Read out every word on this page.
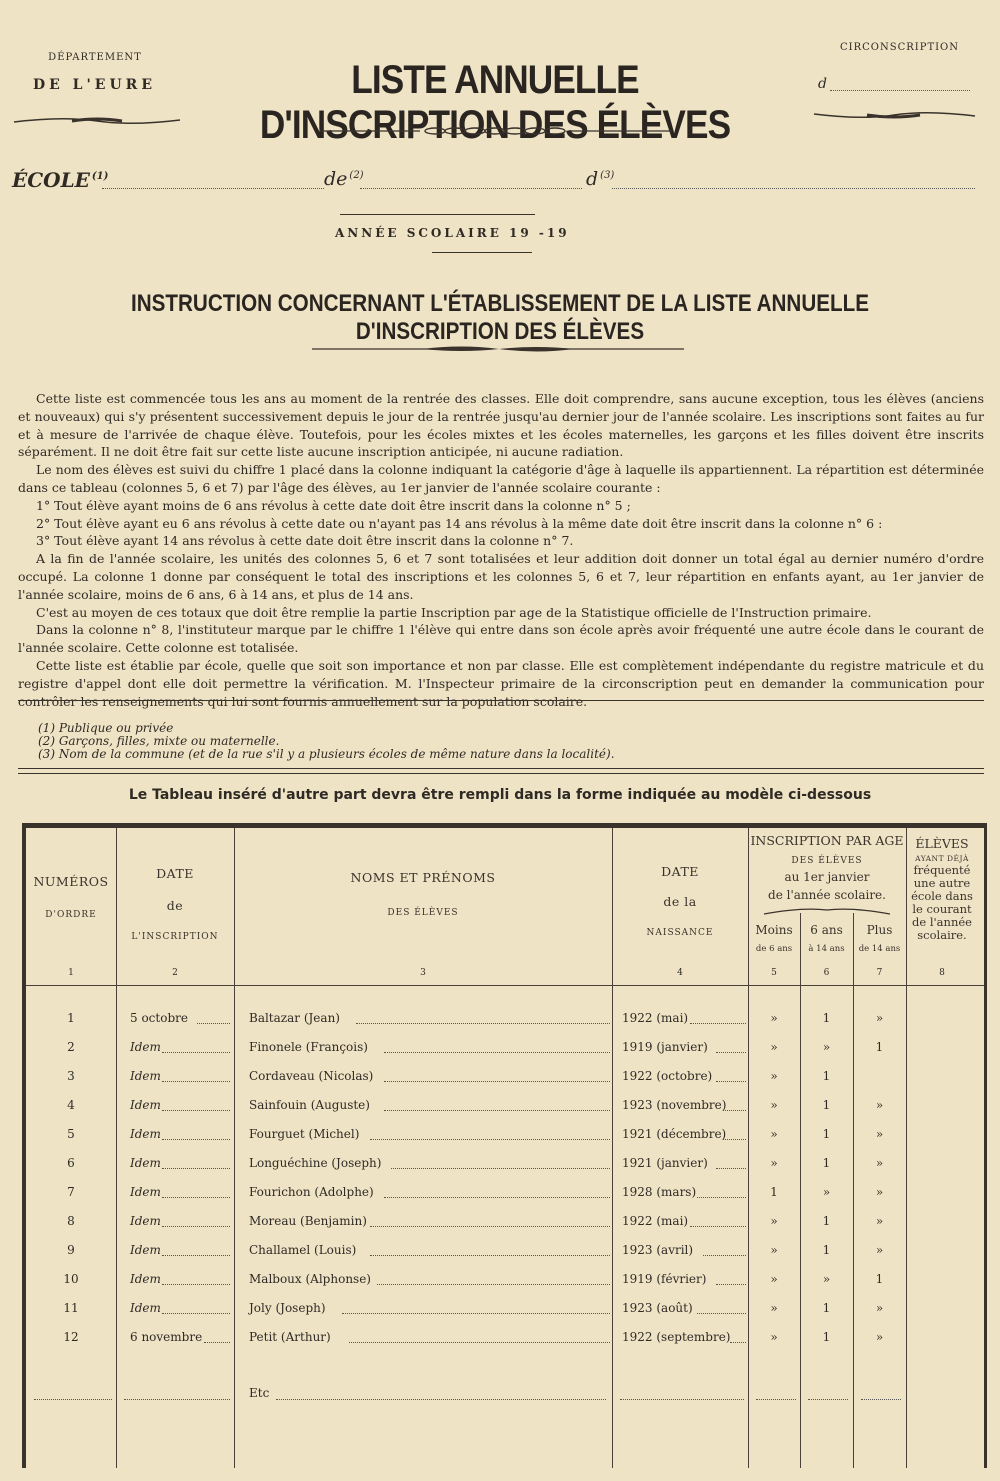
DÉPARTEMENT
DE L'EURE	LISTE ANNUELLE D'INSCRIPTION DES ÉLÈVES
CIRCONSCRIPTION
d
ÉCOLE $^{(1)}$	de $^{(2)}$	d $^{(3)}$
ANNÉE SCOLAIRE 19 -19
INSTRUCTION CONCERNANT L'ÉTABLISSEMENT DE LA LISTE ANNUELLE D'INSCRIPTION DES ÉLÈVES

Cette liste est commencée tous les ans au moment de la rentrée des classes. Elle doit comprendre, sans aucune exception, tous les élèves (anciens et nouveaux) qui s'y présentent successivement depuis le jour de la rentrée jusqu'au dernier jour de l'année scolaire. Les inscriptions sont faites au fur et à mesure de l'arrivée de chaque élève. Toutefois, pour les écoles mixtes et les écoles maternelles, les garçons et les filles doivent être inscrits séparément. Il ne doit être fait sur cette liste aucune inscription anticipée, ni aucune radiation.

Le nom des élèves est suivi du chiffre 1 placé dans la colonne indiquant la catégorie d'âge à laquelle ils appartiennent. La répartition est déterminée dans ce tableau (colonnes 5, 6 et 7) par l'âge des élèves, au 1er janvier de l'année scolaire courante :

1° Tout élève ayant moins de 6 ans révolus à cette date doit être inscrit dans la colonne n° 5 ;

2° Tout élève ayant eu 6 ans révolus à cette date ou n'ayant pas 14 ans révolus à la même date doit être inscrit dans la colonne n° 6 :

3° Tout élève ayant 14 ans révolus à cette date doit être inscrit dans la colonne n° 7.

A la fin de l'année scolaire, les unités des colonnes 5, 6 et 7 sont totalisées et leur addition doit donner un total égal au dernier numéro d'ordre occupé. La colonne 1 donne par conséquent le total des inscriptions et les colonnes 5, 6 et 7, leur répartition en enfants ayant, au 1er janvier de l'année scolaire, moins de 6 ans, 6 à 14 ans, et plus de 14 ans.

C'est au moyen de ces totaux que doit être remplie la partie Inscription par age de la Statistique officielle de l'Instruction primaire.

Dans la colonne n° 8, l'instituteur marque par le chiffre 1 l'élève qui entre dans son école après avoir fréquenté une autre école dans le courant de l'année scolaire. Cette colonne est totalisée.

Cette liste est établie par école, quelle que soit son importance et non par classe. Elle est complètement indépendante du registre matricule et du registre d'appel dont elle doit permettre la vérification. M. l'Inspecteur primaire de la circonscription peut en demander la communication pour contrôler les renseignements qui lui sont fournis annuellement sur la population scolaire.

(1) Publique ou privée
(2) Garçons, filles, mixte ou maternelle.
(3) Nom de la commune (et de la rue s'il y a plusieurs écoles de même nature dans la localité).
Le Tableau inséré d'autre part devra être rempli dans la forme indiquée au modèle ci-dessous
NUMÉROS
D'ORDRE
DATE
de
L'INSCRIPTION
NOMS ET PRÉNOMS
DES ÉLÈVES
DATE
de la
NAISSANCE
INSCRIPTION PAR AGE
DES ÉLÈVES
au 1er janvier
de l'année scolaire.
Moins
de 6 ans
6 ans
à 14 ans
Plus
de 14 ans
ÉLÈVES
AYANT DÉJÀ
fréquenté une autre école dans le courant de l'année scolaire.
1	2	3	4	5	6	7	8
1	5 octobre	Baltazar (Jean)	1922 (mai)	»	1	»
2	Idem	Finonele (François)	1919 (janvier)	»	»	1
3	Idem	Cordaveau (Nicolas)	1922 (octobre)	»	1
4	Idem	Sainfouin (Auguste)	1923 (novembre)	»	1	»
5	Idem	Fourguet (Michel)	1921 (décembre)	»	1	»
6	Idem	Longuéchine (Joseph)	1921 (janvier)	»	1	»
7	Idem	Fourichon (Adolphe)	1928 (mars)	1	»	»
8	Idem	Moreau (Benjamin)	1922 (mai)	»	1	»
9	Idem	Challamel (Louis)	1923 (avril)	»	1	»
10	Idem	Malboux (Alphonse)	1919 (février)	»	»	1
11	Idem	Joly (Joseph)	1923 (août)	»	1	»
12	6 novembre	Petit (Arthur)	1922 (septembre)	»	1	»
Etc
